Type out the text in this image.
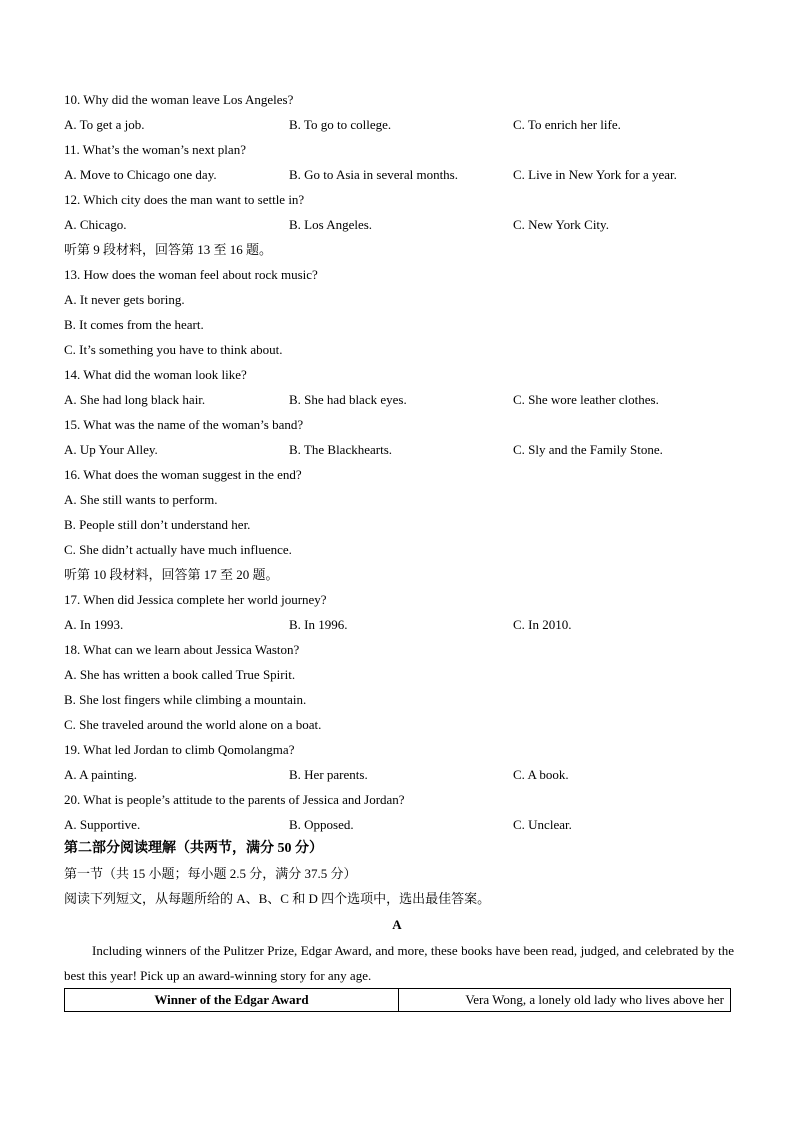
10. Why did the woman leave Los Angeles?
A. To get a job.	B. To go to college.	C. To enrich her life.
11. What’s the woman’s next plan?
A. Move to Chicago one day.	B. Go to Asia in several months.	C. Live in New York for a year.
12. Which city does the man want to settle in?
A. Chicago.	B. Los Angeles.	C. New York City.
听第 9 段材料，回答第 13 至 16 题。
13. How does the woman feel about rock music?
A. It never gets boring.
B. It comes from the heart.
C. It’s something you have to think about.
14. What did the woman look like?
A. She had long black hair.	B. She had black eyes.	C. She wore leather clothes.
15. What was the name of the woman’s band?
A. Up Your Alley.	B. The Blackhearts.	C. Sly and the Family Stone.
16. What does the woman suggest in the end?
A. She still wants to perform.
B. People still don’t understand her.
C. She didn’t actually have much influence.
听第 10 段材料，回答第 17 至 20 题。
17. When did Jessica complete her world journey?
A. In 1993.	B. In 1996.	C. In 2010.
18. What can we learn about Jessica Waston?
A. She has written a book called True Spirit.
B. She lost fingers while climbing a mountain.
C. She traveled around the world alone on a boat.
19. What led Jordan to climb Qomolangma?
A. A painting.	B. Her parents.	C. A book.
20. What is people’s attitude to the parents of Jessica and Jordan?
A. Supportive.	B. Opposed.	C. Unclear.
第二部分阅读理解（共两节，满分 50 分）
第一节（共 15 小题；每小题 2.5 分，满分 37.5 分）
阅读下列短文，从每题所给的 A、B、C 和 D 四个选项中，选出最佳答案。
A
Including winners of the Pulitzer Prize, Edgar Award, and more, these books have been read, judged, and celebrated by the best this year! Pick up an award-winning story for any age.
Winner of the Edgar Award	Vera Wong, a lonely old lady who lives above her
